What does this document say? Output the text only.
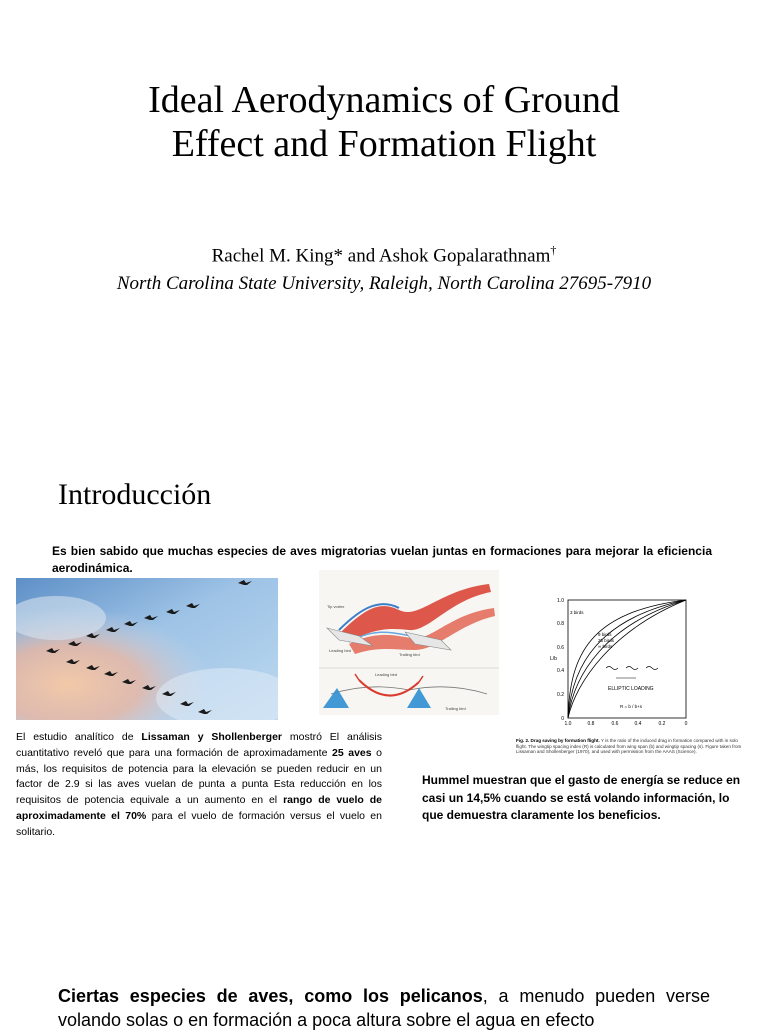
Ideal Aerodynamics of Ground
Effect and Formation Flight
Rachel M. King* and Ashok Gopalarathnam†
North Carolina State University, Raleigh, North Carolina 27695-7910
Introducción
Es bien sabido que muchas especies de aves migratorias vuelan juntas en formaciones para mejorar la eficiencia aerodinámica.
Tip vortex
Leading bird
Trailing bird
Leading bird
Trailing bird
1.0
0.8
0.6
0.4
0.2
0
1.0	0.8	0.6	0.4	0.2	0
L/b
3 birds
9 birds
25 birds
∞ birds
ELLIPTIC LOADING
R = b / b+s
Fig. 2. Drag saving by formation flight. Y is the ratio of the induced drag in formation compared with in solo flight. The wingtip spacing index (R) is calculated from wing span (b) and wingtip spacing (s). Figure taken from Lissaman and Shollenberger (1970), and used with permission from the AAAS (Science).
El estudio analítico de Lissaman y Shollenberger mostró El análisis cuantitativo reveló que para una formación de aproximadamente 25 aves o más, los requisitos de potencia para la elevación se pueden reducir en un factor de 2.9 si las aves vuelan de punta a punta Esta reducción en los requisitos de potencia equivale a un aumento en el rango de vuelo de aproximadamente el 70% para el vuelo de formación versus el vuelo en solitario.
Hummel muestran que el gasto de energía se reduce en casi un 14,5% cuando se está volando información, lo que demuestra claramente los beneficios.
Ciertas especies de aves, como los pelicanos, a menudo pueden verse volando solas o en formación a poca altura sobre el agua en efecto
